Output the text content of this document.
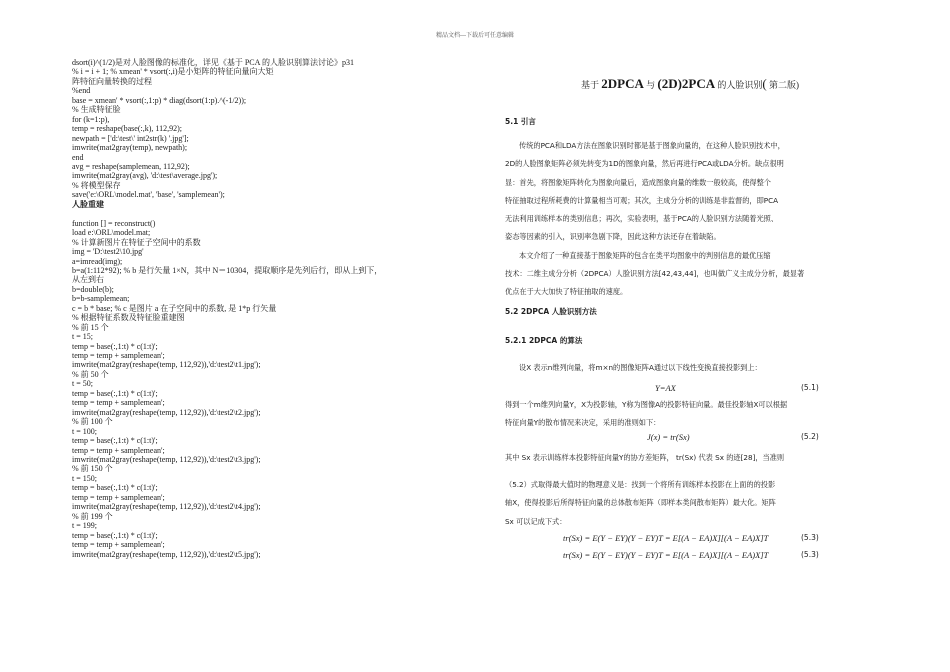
精品文档---下载后可任意编辑
dsort(i)^(1/2)是对人脸图像的标准化，详见《基于 PCA 的人脸识别算法讨论》p31
% i = i + 1; % xmean' * vsort(:,i)是小矩阵的特征向量向大矩
阵特征向量转换的过程
%end
base = xmean' * vsort(:,1:p) * diag(dsort(1:p).^(-1/2));
% 生成特征脸
for (k=1:p),
temp = reshape(base(:,k), 112,92);
newpath = ['d:\test\' int2str(k) '.jpg'];
imwrite(mat2gray(temp), newpath);
end
avg = reshape(samplemean, 112,92);
imwrite(mat2gray(avg), 'd:\test\average.jpg');
% 将模型保存
save('e:\ORL\model.mat', 'base', 'samplemean');
人脸重建
function [] = reconstruct()
load e:\ORL\model.mat;
% 计算新图片在特征子空间中的系数
img = 'D:\test2\10.jpg'
a=imread(img);
b=a(1:112*92); % b 是行矢量 1×N，其中 N＝10304，提取顺序是先列后行，即从上到下，
从左到右
b=double(b);
b=b-samplemean;
c = b * base; % c 是图片 a 在子空间中的系数, 是 1*p 行矢量
% 根据特征系数及特征脸重建图
% 前 15 个
t = 15;
temp = base(:,1:t) * c(1:t)';
temp = temp + samplemean';
imwrite(mat2gray(reshape(temp, 112,92)),'d:\test2\t1.jpg');
% 前 50 个
t = 50;
temp = base(:,1:t) * c(1:t)';
temp = temp + samplemean';
imwrite(mat2gray(reshape(temp, 112,92)),'d:\test2\t2.jpg');
% 前 100 个
t = 100;
temp = base(:,1:t) * c(1:t)';
temp = temp + samplemean';
imwrite(mat2gray(reshape(temp, 112,92)),'d:\test2\t3.jpg');
% 前 150 个
t = 150;
temp = base(:,1:t) * c(1:t)';
temp = temp + samplemean';
imwrite(mat2gray(reshape(temp, 112,92)),'d:\test2\t4.jpg');
% 前 199 个
t = 199;
temp = base(:,1:t) * c(1:t)';
temp = temp + samplemean';
imwrite(mat2gray(reshape(temp, 112,92)),'d:\test2\t5.jpg');
基于 2DPCA 与 (2D)2PCA 的人脸识别( 第二版)
5.1 引言
传统的PCA和LDA方法在图象识别时都是基于图象向量的，在这种人脸识别技术中，
2D的人脸图象矩阵必须先转变为1D的图象向量，然后再进行PCA或LDA分析。缺点很明
显：首先，将图象矩阵转化为图象向量后，造成图象向量的维数一般较高，使得整个
特征抽取过程所耗费的计算量相当可观；其次，主成分分析的训练是非监督的，即PCA
无法利用训练样本的类别信息；再次，实验表明，基于PCA的人脸识别方法随着光照、
姿态等因素的引入，识别率急剧下降，因此这种方法还存在着缺陷。
本文介绍了一种直接基于图象矩阵的包含在类平均图象中的判别信息的最优压缩
技术：二维主成分分析（2DPCA）人脸识别方法[42,43,44]，也叫做广义主成分分析，最显著
优点在于大大加快了特征抽取的速度。
5.2 2DPCA 人脸识别方法
5.2.1 2DPCA 的算法
设X 表示n维列向量，将m×n的图像矩阵A通过以下线性变换直接投影到上：
Y=AX	(5.1)
得到一个m维列向量Y，X为投影轴，Y称为图像A的投影特征向量。最佳投影轴X可以根据
特征向量Y的散布情况来决定，采用的准则如下：
J(x) = tr(Sx)	(5.2)
其中 Sx 表示训练样本投影特征向量Y的协方差矩阵， tr(Sx) 代表 Sx 的迹[28]，当准则
（5.2）式取得最大值时的物理意义是：找到一个将所有训练样本投影在上面的的投影
轴X，使得投影后所得特征向量的总体散布矩阵（即样本类间散布矩阵）最大化。矩阵
Sx 可以记成下式：
tr(Sx) = E(Y − EY)(Y − EY)T = E[(A − EA)X][(A − EA)X]T	(5.3)
tr(Sx) = E(Y − EY)(Y − EY)T = E[(A − EA)X][(A − EA)X]T	(5.3)
